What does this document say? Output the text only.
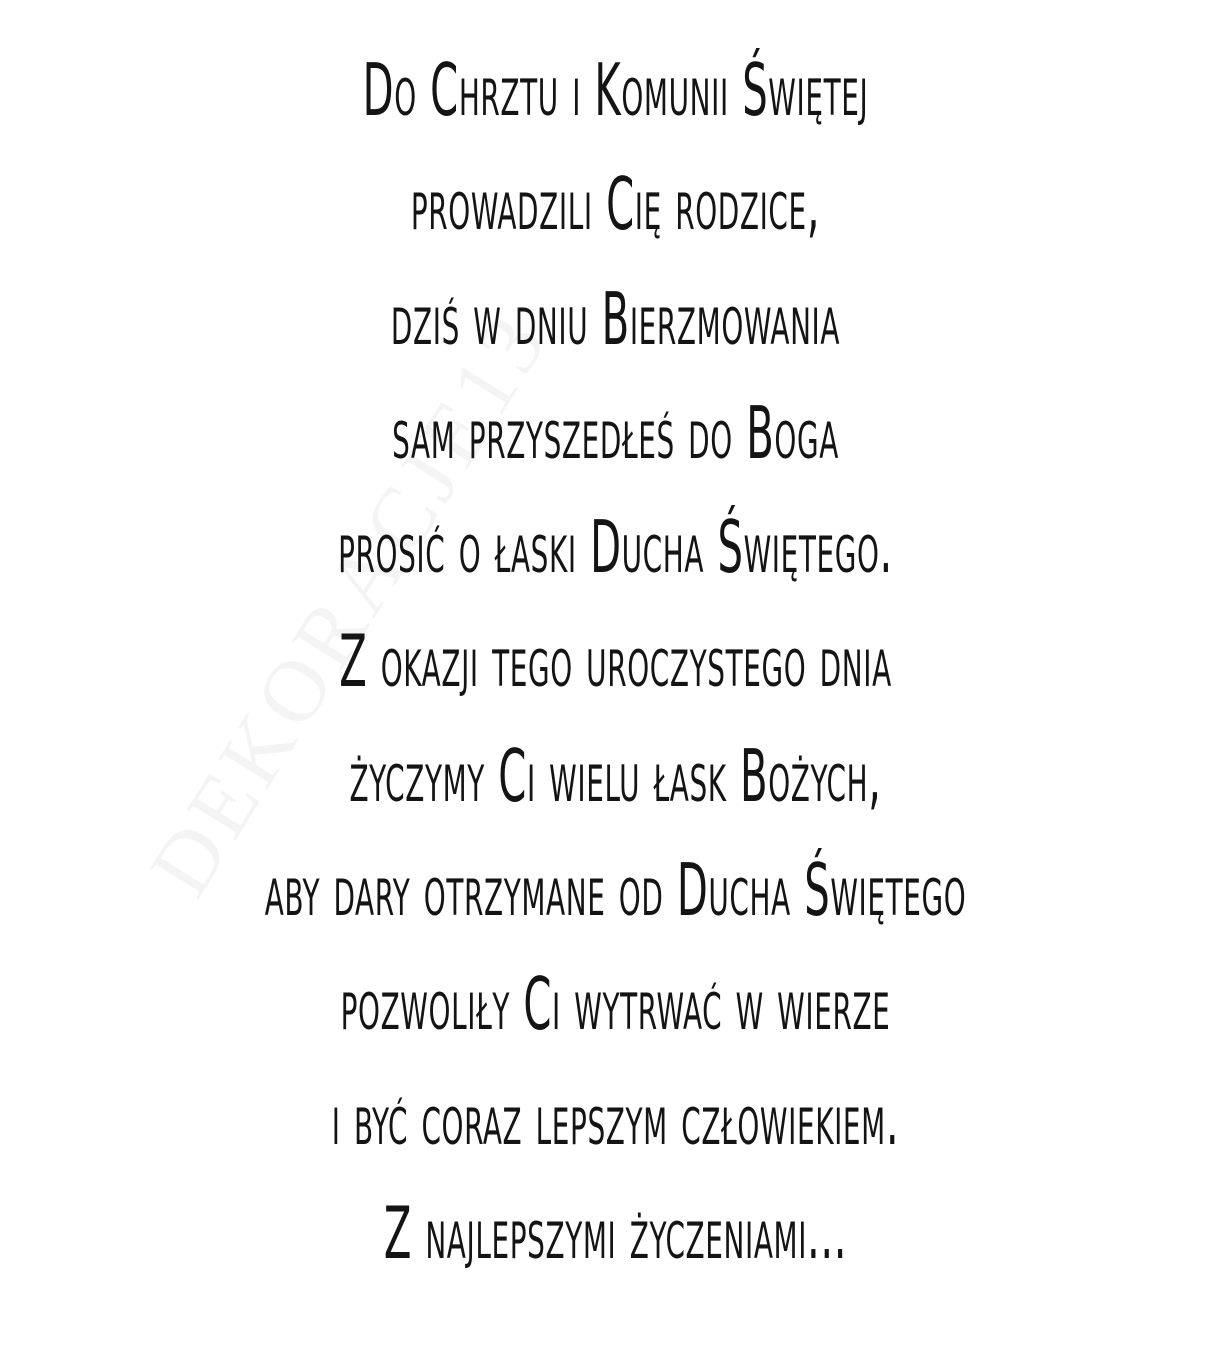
Do Chrztu i Komunii Świętej
prowadzili Cię rodzice,
dziś w dniu Bierzmowania
sam przyszedłeś do Boga
prosić o łaski Ducha Świętego.
Z okazji tego uroczystego dnia
życzymy Ci wielu łask Bożych,
aby dary otrzymane od Ducha Świętego
pozwoliły Ci wytrwać w wierze
i być coraz lepszym człowiekiem.
Z najlepszymi życzeniami...
